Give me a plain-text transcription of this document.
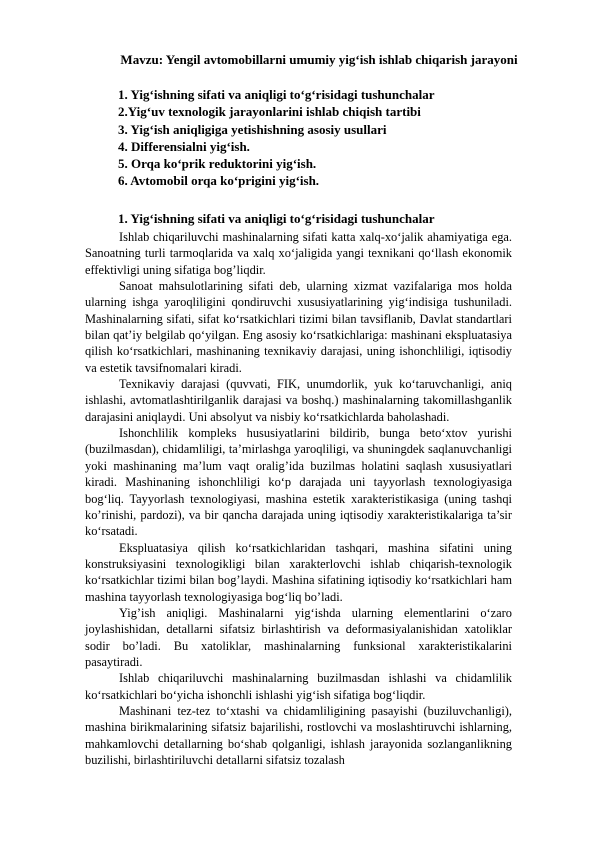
Mavzu: Yengil avtomobillarni umumiy yig‘ish ishlab chiqarish jarayoni
1. Yig‘ishning sifati va aniqligi to‘g‘risidagi tushunchalar
2.Yig‘uv texnologik jarayonlarini ishlab chiqish tartibi
3. Yig‘ish aniqligiga yetishishning asosiy usullari
4. Differensialni yig‘ish.
5. Orqa ko‘prik reduktorini yig‘ish.
6. Avtomobil orqa ko‘prigini yig‘ish.
1. Yig‘ishning sifati va aniqligi to‘g‘risidagi tushunchalar

Ishlab chiqariluvchi mashinalarning sifati katta xalq-xo‘jalik ahamiyatiga ega. Sanoatning turli tarmoqlarida va xalq xo‘jaligida yangi texnikani qo‘llash ekonomik effektivligi uning sifatiga bog’liqdir.

Sanoat mahsulotlarining sifati deb, ularning xizmat vazifalariga mos holda ularning ishga yaroqliligini qondiruvchi xususiyatlarining yig‘indisiga tushuniladi. Mashinalarning sifati, sifat ko‘rsatkichlari tizimi bilan tavsiflanib, Davlat standartlari bilan qat’iy belgilab qo‘yilgan. Eng asosiy ko‘rsatkichlariga: mashinani ekspluatasiya qilish ko‘rsatkichlari, mashinaning texnikaviy darajasi, uning ishonchliligi, iqtisodiy va estetik tavsifnomalari kiradi.

Texnikaviy darajasi (quvvati, FIK, unumdorlik, yuk ko‘taruvchanligi, aniq ishlashi, avtomatlashtirilganlik darajasi va boshq.) mashinalarning takomillashganlik darajasini aniqlaydi. Uni absolyut va nisbiy ko‘rsatkichlarda baholashadi.

Ishonchlilik kompleks hususiyatlarini bildirib, bunga beto‘xtov yurishi (buzilmasdan), chidamliligi, ta’mirlashga yaroqliligi, va shuningdek saqlanuvchanligi yoki mashinaning ma’lum vaqt oralig’ida buzilmas holatini saqlash xususiyatlari kiradi. Mashinaning ishonchliligi ko‘p darajada uni tayyorlash texnologiyasiga bog‘liq. Tayyorlash texnologiyasi, mashina estetik xarakteristikasiga (uning tashqi ko’rinishi, pardozi), va bir qancha darajada uning iqtisodiy xarakteristikalariga ta’sir ko‘rsatadi.

Ekspluatasiya qilish ko‘rsatkichlaridan tashqari, mashina sifatini uning konstruksiyasini texnologikligi bilan xarakterlovchi ishlab chiqarish-texnologik ko‘rsatkichlar tizimi bilan bog’laydi. Mashina sifatining iqtisodiy ko‘rsatkichlari ham mashina tayyorlash texnologiyasiga bog‘liq bo’ladi.

Yig’ish aniqligi. Mashinalarni yig‘ishda ularning elementlarini o‘zaro joylashishidan, detallarni sifatsiz birlashtirish va deformasiyalanishidan xatoliklar sodir bo’ladi. Bu xatoliklar, mashinalarning funksional xarakteristikalarini pasaytiradi.

Ishlab chiqariluvchi mashinalarning buzilmasdan ishlashi va chidamlilik ko‘rsatkichlari bo‘yicha ishonchli ishlashi yig‘ish sifatiga bog‘liqdir.

Mashinani tez-tez to‘xtashi va chidamliligining pasayishi (buziluvchanligi), mashina birikmalarining sifatsiz bajarilishi, rostlovchi va moslashtiruvchi ishlarning, mahkamlovchi detallarning bo‘shab qolganligi, ishlash jarayonida sozlanganlikning buzilishi, birlashtiriluvchi detallarni sifatsiz tozalash
